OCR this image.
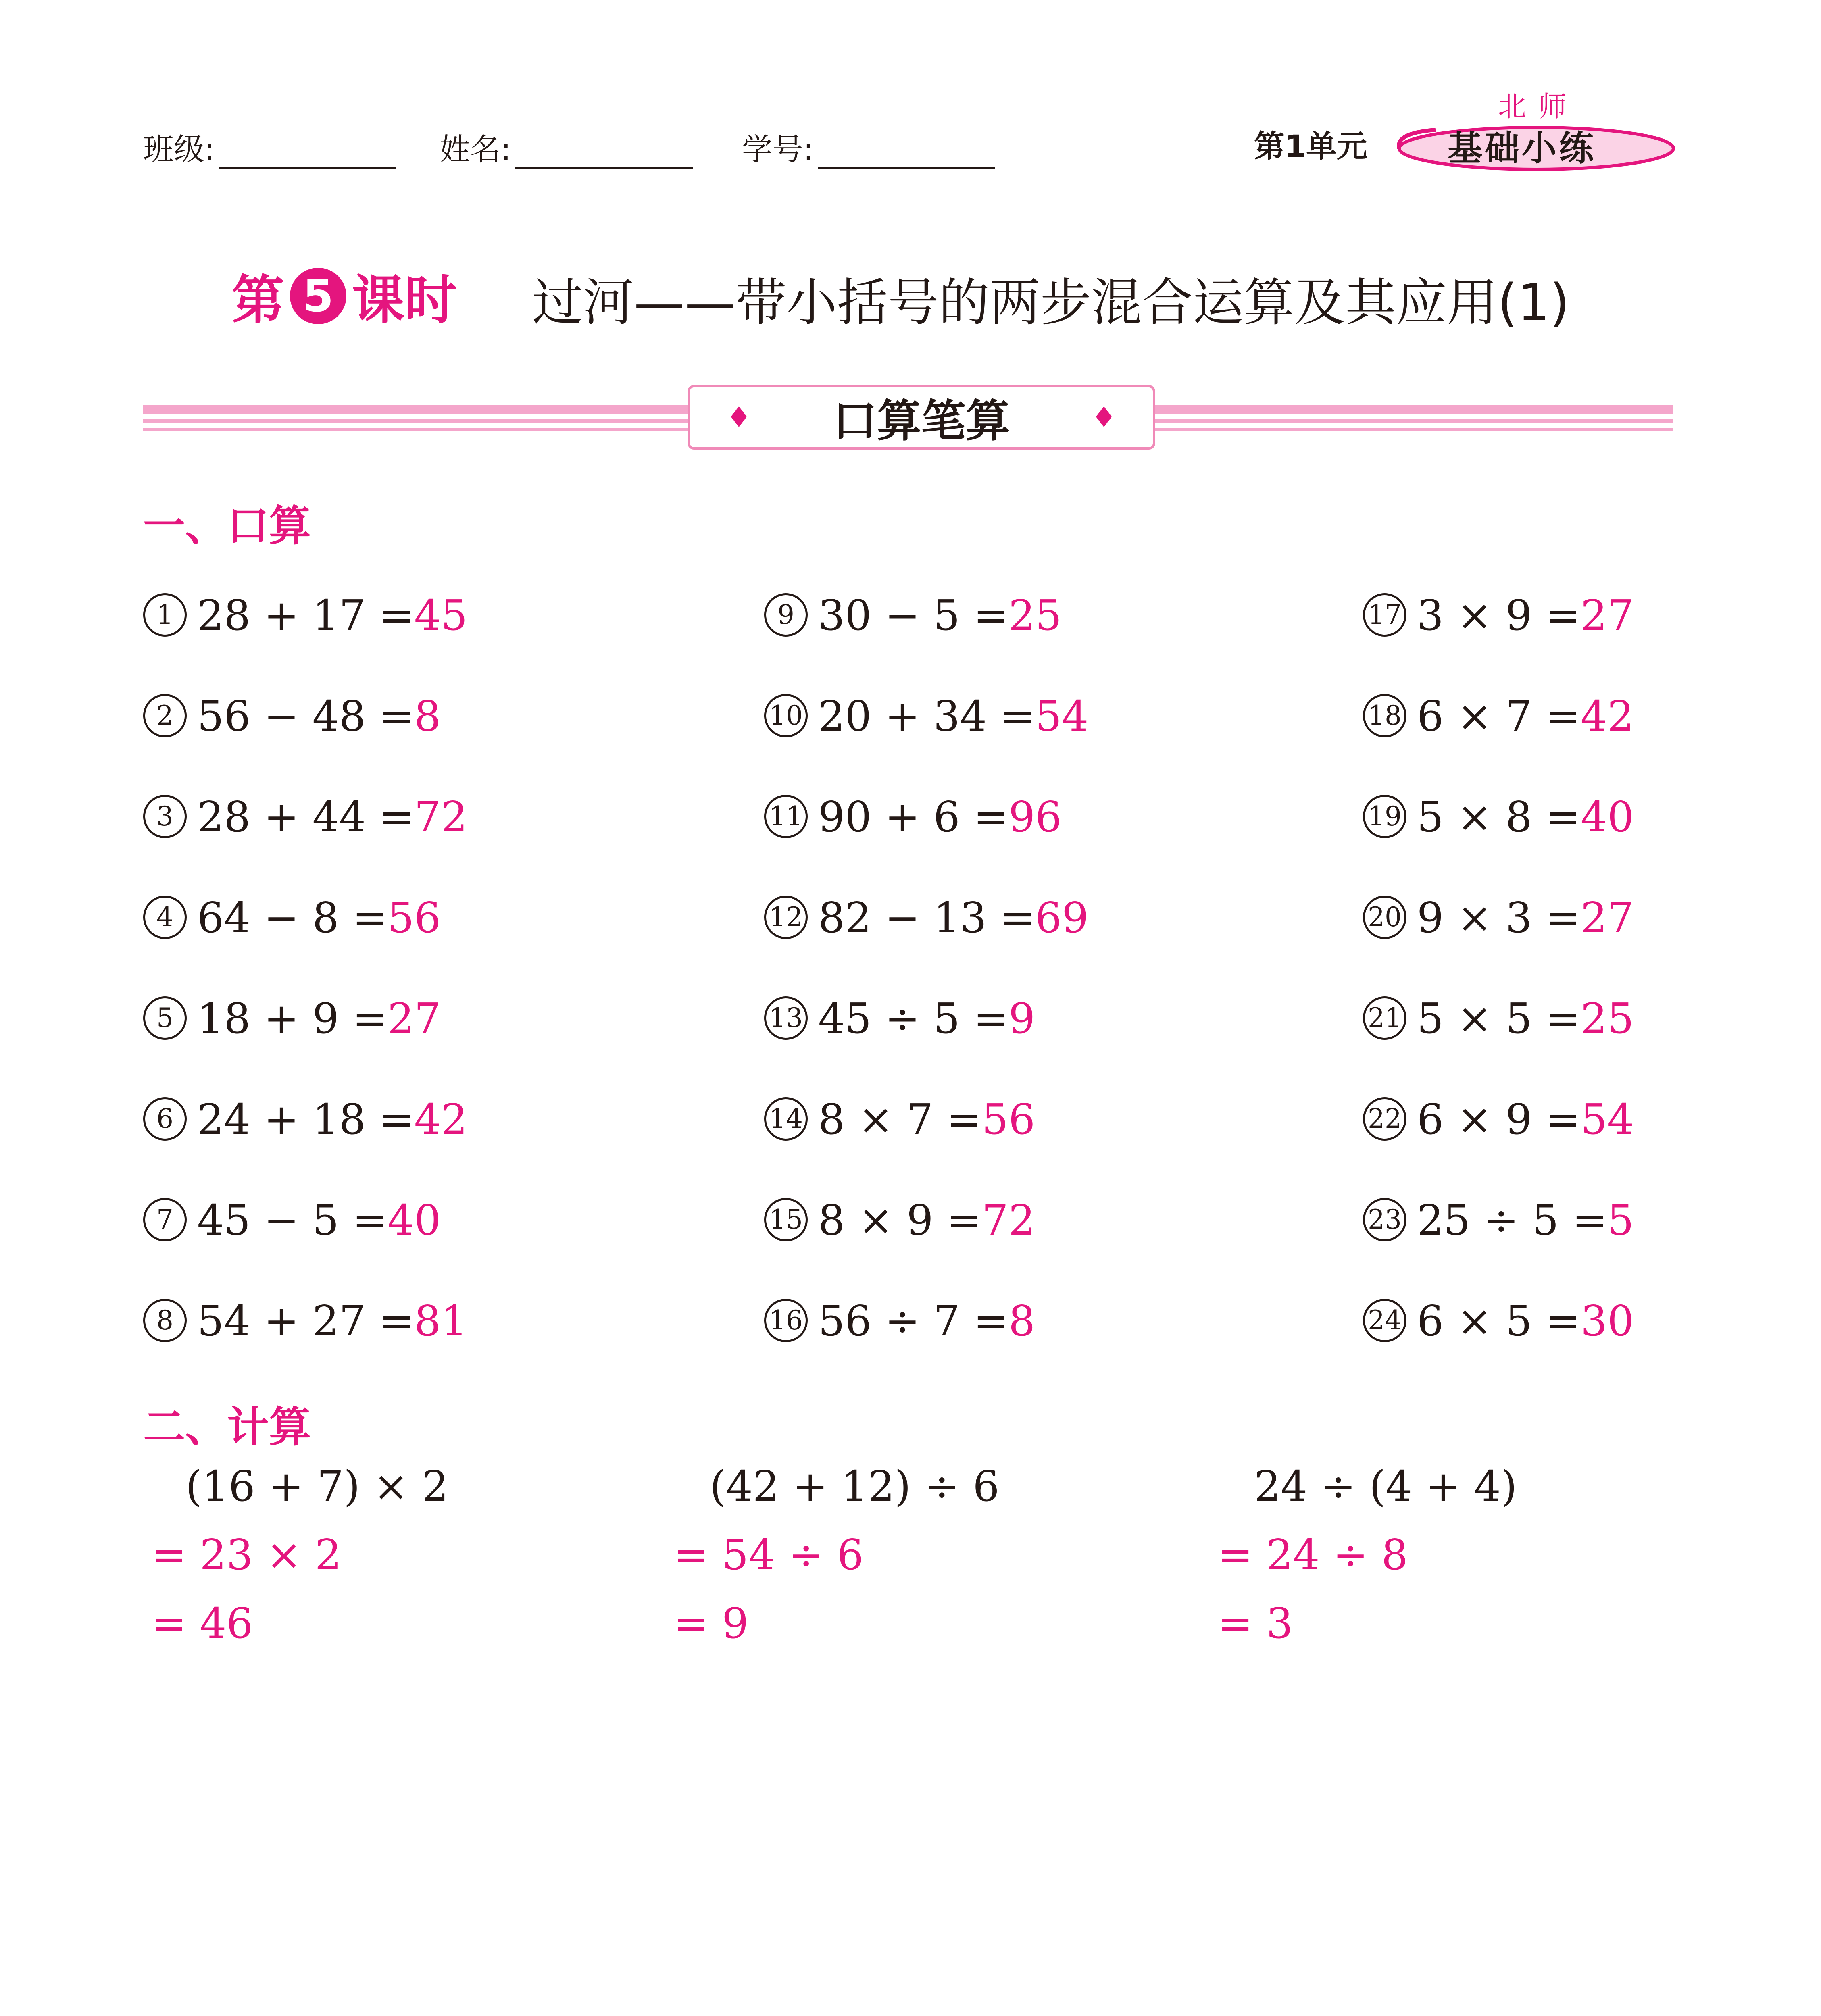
班级:	姓名:	学号:	第1单元
北师
基础小练
第 5 课时 过河——带小括号的两步混合运算及其应用(1)
♦ 口算笔算	♦
一、口算
1 28 + 17 =45
2 56 − 48 =8
3 28 + 44 =72
4 64 − 8 =56
5 18 + 9 =27
6 24 + 18 =42
7 45 − 5 =40
8 54 + 27 =81
9 30 − 5 =25
10 20 + 34 =54
11 90 + 6 =96
12 82 − 13 =69
13 45 ÷ 5 =9
14 8 × 7 =56
15 8 × 9 =72
16 56 ÷ 7 =8
17 3 × 9 =27
18 6 × 7 =42
19 5 × 8 =40
20 9 × 3 =27
21 5 × 5 =25
22 6 × 9 =54
23 25 ÷ 5 =5
24 6 × 5 =30
二、计算
(16 + 7) × 2
= 23 × 2
= 46
(42 + 12) ÷ 6
= 54 ÷ 6
= 9
24 ÷ (4 + 4)
= 24 ÷ 8
= 3
